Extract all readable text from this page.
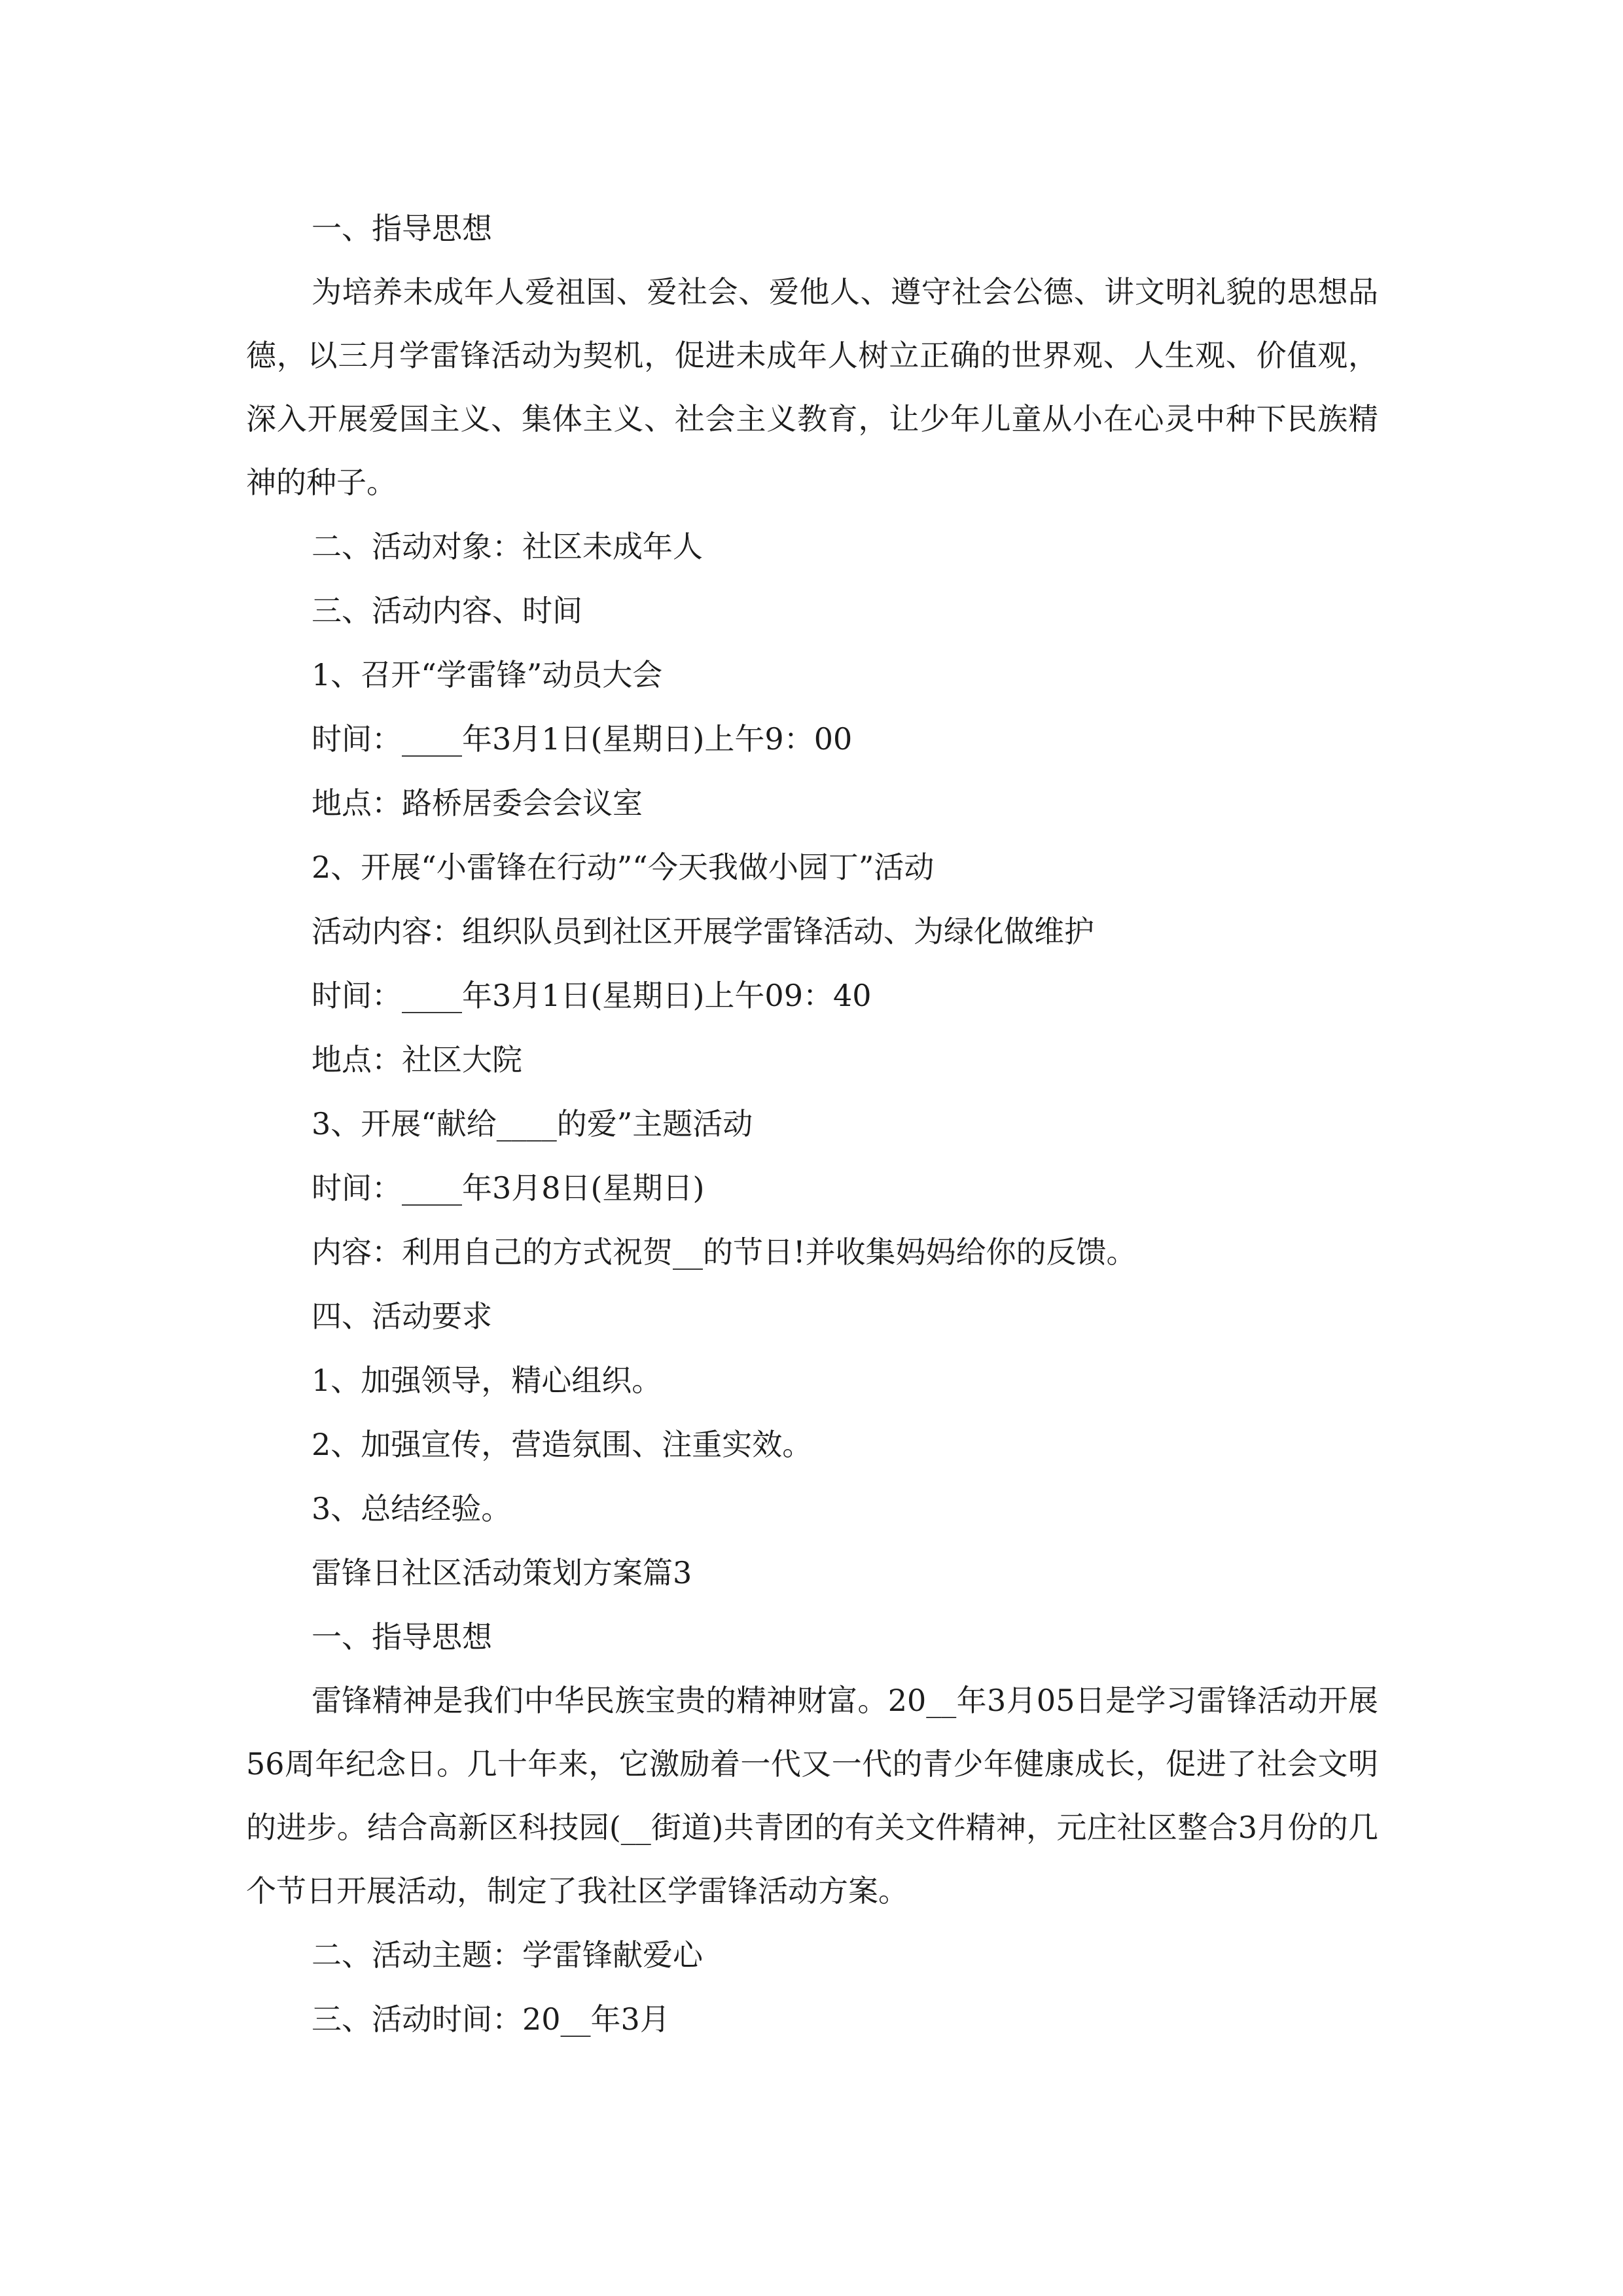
一、指导思想

为培养未成年人爱祖国、爱社会、爱他人、遵守社会公德、讲文明礼貌的思想品德，以三月学雷锋活动为契机，促进未成年人树立正确的世界观、人生观、价值观，深入开展爱国主义、集体主义、社会主义教育，让少年儿童从小在心灵中种下民族精神的种子。

二、活动对象：社区未成年人

三、活动内容、时间

1、召开“学雷锋”动员大会

时间：____年3月1日(星期日)上午9：00

地点：路桥居委会会议室

2、开展“小雷锋在行动”“今天我做小园丁”活动

活动内容：组织队员到社区开展学雷锋活动、为绿化做维护

时间：____年3月1日(星期日)上午09：40

地点：社区大院

3、开展“献给____的爱”主题活动

时间：____年3月8日(星期日)

内容：利用自己的方式祝贺__的节日!并收集妈妈给你的反馈。

四、活动要求

1、加强领导，精心组织。

2、加强宣传，营造氛围、注重实效。

3、总结经验。

雷锋日社区活动策划方案篇3

一、指导思想

雷锋精神是我们中华民族宝贵的精神财富。20__年3月05日是学习雷锋活动开展56周年纪念日。几十年来，它激励着一代又一代的青少年健康成长，促进了社会文明的进步。结合高新区科技园(__街道)共青团的有关文件精神，元庄社区整合3月份的几个节日开展活动，制定了我社区学雷锋活动方案。

二、活动主题：学雷锋献爱心

三、活动时间：20__年3月
